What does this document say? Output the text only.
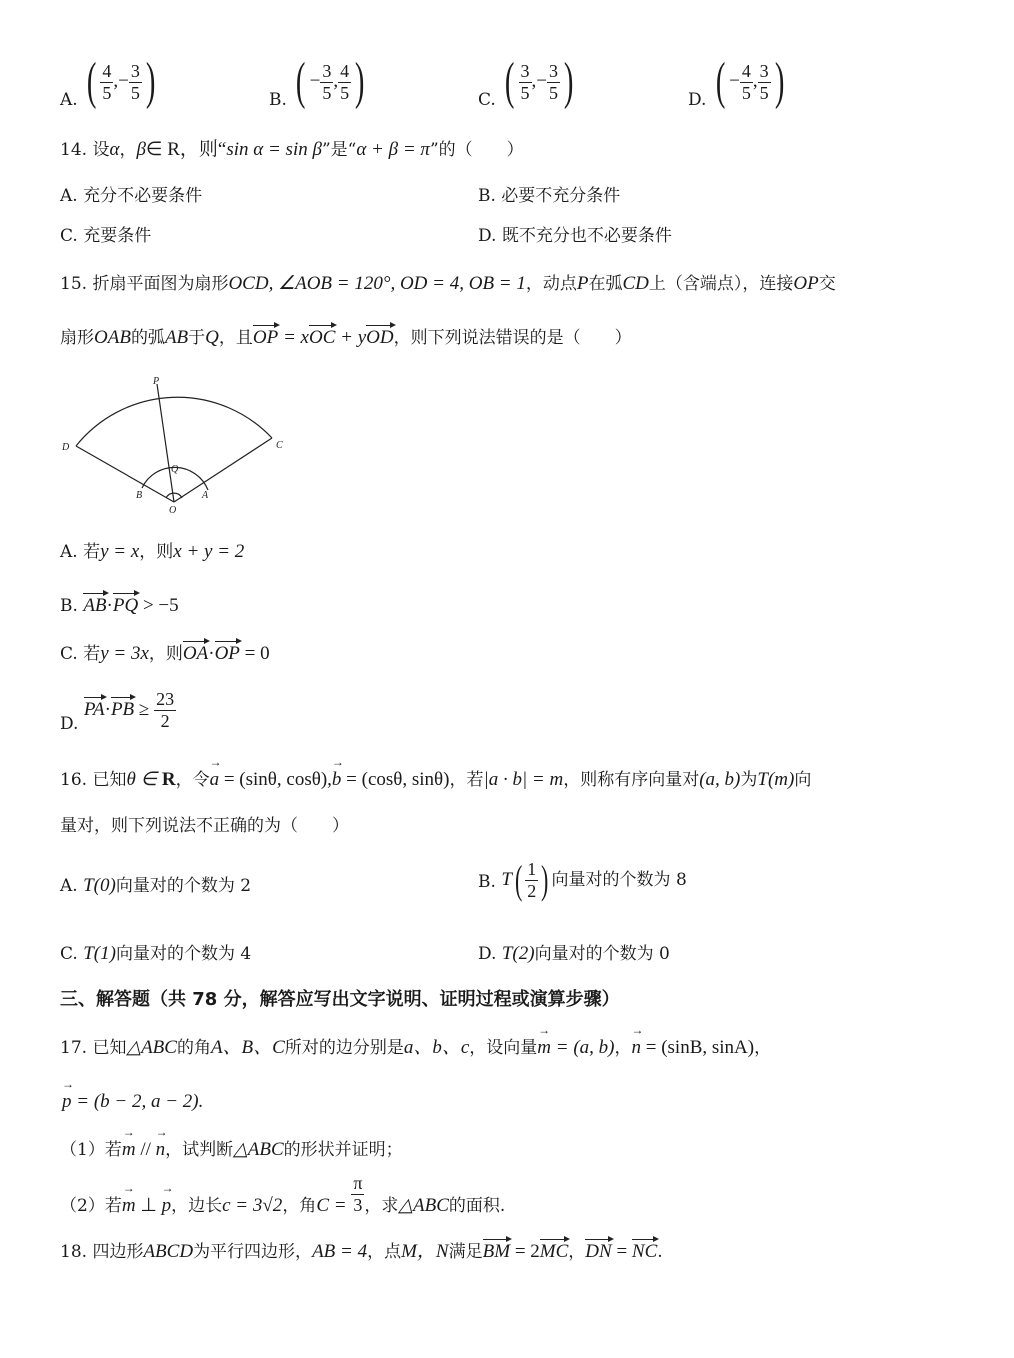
A. ( $\frac{4}{5}$ ,− $\frac{3}{5}$ )	B. ( − $\frac{3}{5}$ , $\frac{4}{5}$ )	C. ( $\frac{3}{5}$ ,− $\frac{3}{5}$ )	D. ( − $\frac{4}{5}$ , $\frac{3}{5}$ )
14. 设α，β∈ R，则“sin α = sin β”是“α + β = π”的（　　）
A. 充分不必要条件	B. 必要不充分条件
C. 充要条件	D. 既不充分也不必要条件
15. 折扇平面图为扇形OCD, ∠AOB = 120°, OD = 4, OB = 1，动点P在弧CD上（含端点），连接OP交
扇形OAB的弧AB于Q，且OP = xOC + yOD，则下列说法错误的是（　　）
P
D	C
Q
B	A
O
A. 若y = x，则x + y = 2
B. AB·PQ > −5
C. 若y = 3x，则OA·OP = 0
D. $PA\cdot PB \ge \frac{23}{2}$
16. 已知θ ∈ R，令a → = (sinθ, cosθ),b → = (cosθ, sinθ)，若|a · b| = m，则称有序向量对(a, b)为T(m)向
量对，则下列说法不正确的为（　　）
A. T(0)向量对的个数为 2	B. $T( \frac{1}{2}$ ) 向量对的个数为 8
C. T(1)向量对的个数为 4	D. T(2)向量对的个数为 0
三、解答题（共 78 分，解答应写出文字说明、证明过程或演算步骤）
17. 已知△ABC的角A、B、C所对的边分别是a、b、c，设向量m → = (a, b)，n → = (sinB, sinA)，
p → = (b − 2, a − 2).
（1）若m → // n →，试判断△ABC的形状并证明；
（2）若m → ⊥ p →，边长c = 3√2，角$C = \frac{\pi}{3}$ ，求△ABC的面积.
18. 四边形ABCD为平行四边形，AB = 4，点M，N满足BM = 2MC，DN = NC.
